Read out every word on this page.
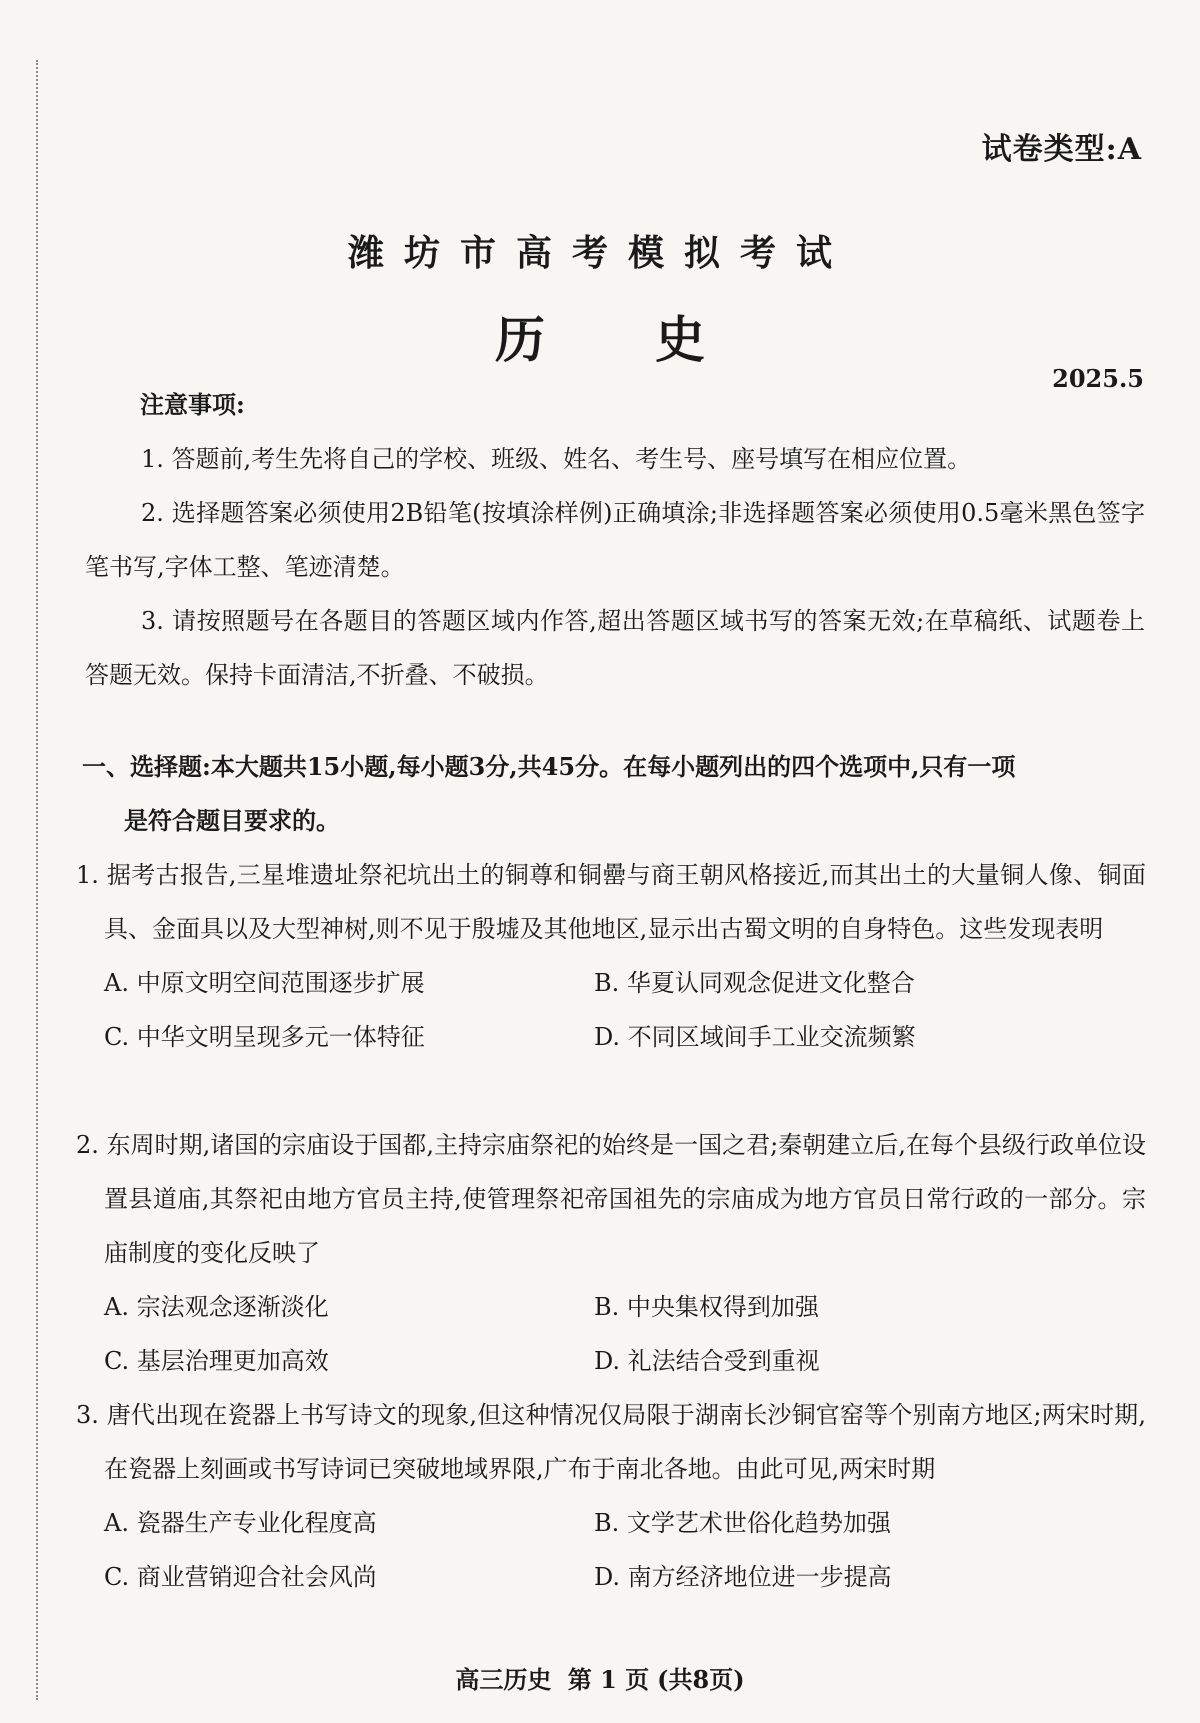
试卷类型:A
潍坊市高考模拟考试
历史
2025.5
注意事项:
1. 答题前,考生先将自己的学校、班级、姓名、考生号、座号填写在相应位置。
2. 选择题答案必须使用2B铅笔(按填涂样例)正确填涂;非选择题答案必须使用0.5毫米黑色签字笔书写,字体工整、笔迹清楚。
3. 请按照题号在各题目的答题区域内作答,超出答题区域书写的答案无效;在草稿纸、试题卷上答题无效。保持卡面清洁,不折叠、不破损。
一、选择题:本大题共15小题,每小题3分,共45分。在每小题列出的四个选项中,只有一项
是符合题目要求的。
1. 据考古报告,三星堆遗址祭祀坑出土的铜尊和铜罍与商王朝风格接近,而其出土的大量铜人像、铜面具、金面具以及大型神树,则不见于殷墟及其他地区,显示出古蜀文明的自身特色。这些发现表明
A. 中原文明空间范围逐步扩展	B. 华夏认同观念促进文化整合
C. 中华文明呈现多元一体特征	D. 不同区域间手工业交流频繁
2. 东周时期,诸国的宗庙设于国都,主持宗庙祭祀的始终是一国之君;秦朝建立后,在每个县级行政单位设置县道庙,其祭祀由地方官员主持,使管理祭祀帝国祖先的宗庙成为地方官员日常行政的一部分。宗庙制度的变化反映了
A. 宗法观念逐渐淡化	B. 中央集权得到加强
C. 基层治理更加高效	D. 礼法结合受到重视
3. 唐代出现在瓷器上书写诗文的现象,但这种情况仅局限于湖南长沙铜官窑等个别南方地区;两宋时期,在瓷器上刻画或书写诗词已突破地域界限,广布于南北各地。由此可见,两宋时期
A. 瓷器生产专业化程度高	B. 文学艺术世俗化趋势加强
C. 商业营销迎合社会风尚	D. 南方经济地位进一步提高
高三历史 第 1 页 (共8页)
